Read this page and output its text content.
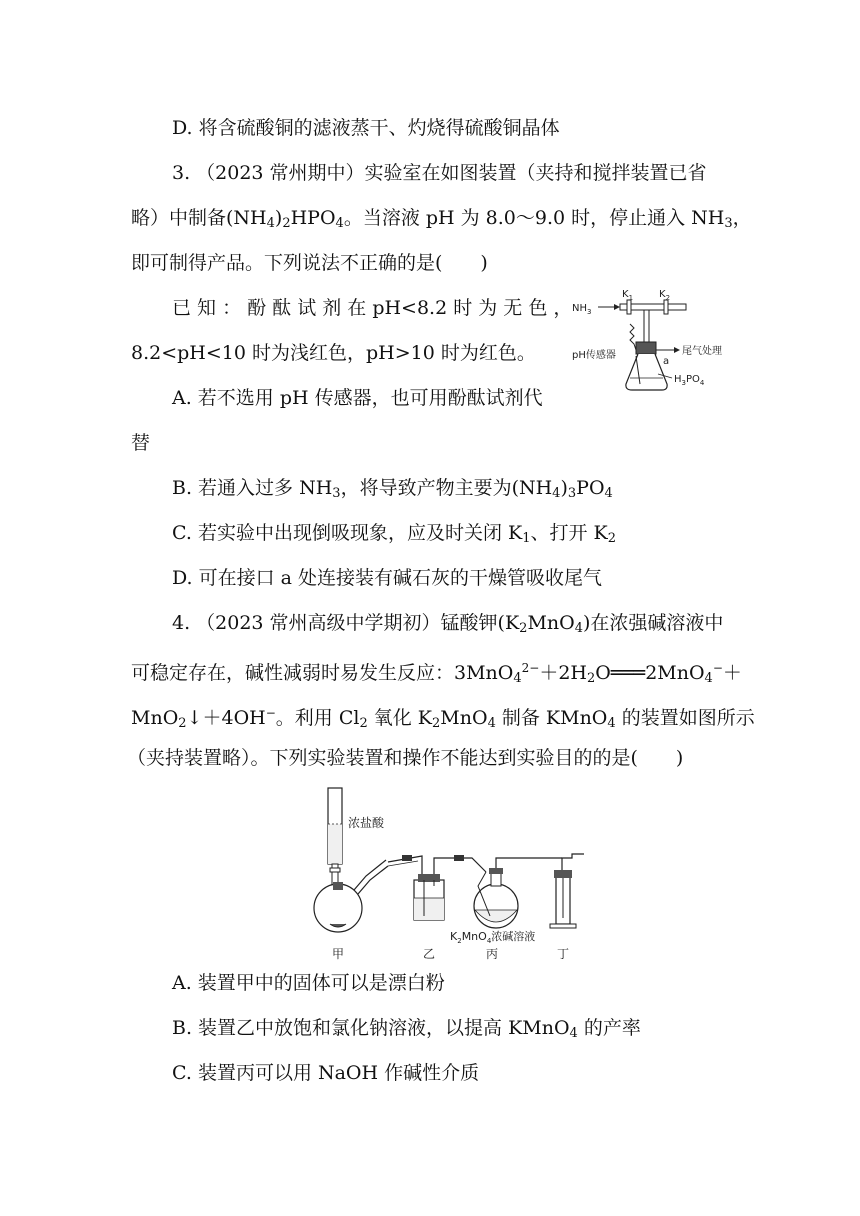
D. 将含硫酸铜的滤液蒸干、灼烧得硫酸铜晶体
3. （2023 常州期中）实验室在如图装置（夹持和搅拌装置已省
略）中制备$(NH_4)_2HPO_4$。当溶液 pH 为 8.0～9.0 时，停止通入 $NH_3$，
即可制得产品。下列说法不正确的是(　　)
已 知 ： 酚 酞 试 剂 在 pH<8.2 时 为 无 色 ，
8.2<pH<10 时为浅红色，pH>10 时为红色。
A. 若不选用 pH 传感器，也可用酚酞试剂代
替
B. 若通入过多 $NH_3$，将导致产物主要为$(NH_4)_3PO_4$
C. 若实验中出现倒吸现象，应及时关闭 $K_1$、打开 $K_2$
D. 可在接口 a 处连接装有碱石灰的干燥管吸收尾气
$NH_3$
$K_1$	$K_2$
pH传感器
a
尾气处理
$H_3PO_4$
4. （2023 常州高级中学期初）锰酸钾$(K_2MnO_4)$在浓强碱溶液中
可稳定存在，碱性减弱时易发生反应：$3MnO_4^{2-}+2H_2O═══2MnO_4^-+$
MnO$_2$↓＋4OH−。利用 $Cl_2$ 氧化 $K_2MnO_4$ 制备 KMnO$_4$ 的装置如图所示
（夹持装置略）。下列实验装置和操作不能达到实验目的的是(　　)
浓盐酸
$K_2MnO_4$浓碱溶液
甲	乙	丙	丁
A. 装置甲中的固体可以是漂白粉
B. 装置乙中放饱和氯化钠溶液，以提高 KMnO$_4$ 的产率
C. 装置丙可以用 NaOH 作碱性介质
